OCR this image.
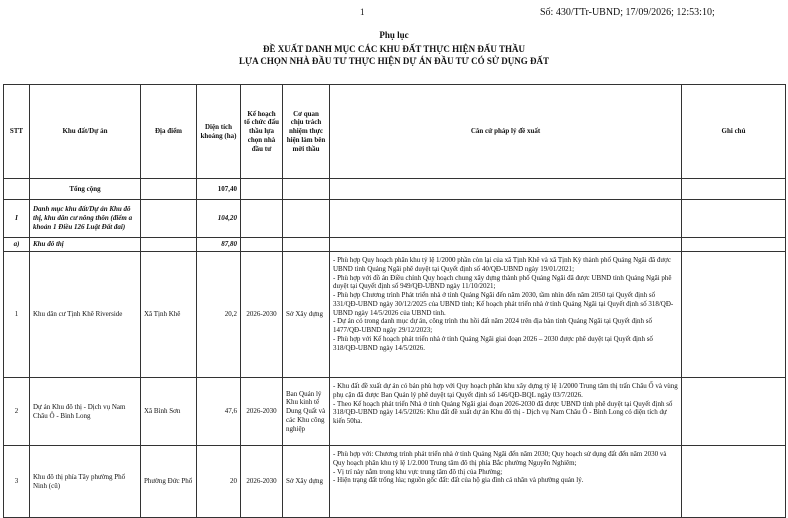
1	Số: 430/TTr-UBND; 17/09/2026; 12:53:10;
Phụ lục
ĐỀ XUẤT DANH MỤC CÁC KHU ĐẤT THỰC HIỆN ĐẤU THẦU
LỰA CHỌN NHÀ ĐẦU TƯ THỰC HIỆN DỰ ÁN ĐẦU TƯ CÓ SỬ DỤNG ĐẤT
STT	Khu đất/Dự án	Địa điểm	Diện tích khoảng (ha)	Kế hoạch tổ chức đấu thầu lựa chọn nhà đầu tư	Cơ quan chịu trách nhiệm thực hiện làm bên mời thầu	Căn cứ pháp lý đề xuất	Ghi chú
	Tổng cộng		107,40				
I	Danh mục khu đất/Dự án Khu đô thị, khu dân cư nông thôn (điểm a khoản 1 Điều 126 Luật Đất đai)		104,20				
a)	Khu đô thị		87,80				
1	Khu dân cư Tịnh Khê Riverside	Xã Tịnh Khê	20,2	2026-2030	Sở Xây dựng	- Phù hợp Quy hoạch phân khu tỷ lệ 1/2000 phần còn lại của xã Tịnh Khê và xã Tịnh Kỳ thành phố Quảng Ngãi đã được UBND tỉnh Quảng Ngãi phê duyệt tại Quyết định số 40/QĐ-UBND ngày 19/01/2021;
- Phù hợp với đồ án Điều chỉnh Quy hoạch chung xây dựng thành phố Quảng Ngãi đã được UBND tỉnh Quảng Ngãi phê duyệt tại Quyết định số 949/QĐ-UBND ngày 11/10/2021;
- Phù hợp Chương trình Phát triển nhà ở tỉnh Quảng Ngãi đến năm 2030, tầm nhìn đến năm 2050 tại Quyết định số 331/QĐ-UBND ngày 30/12/2025 của UBND tỉnh; Kế hoạch phát triển nhà ở tỉnh Quảng Ngãi tại Quyết định số 318/QĐ-UBND ngày 14/5/2026 của UBND tỉnh.
- Dự án có trong danh mục dự án, công trình thu hồi đất năm 2024 trên địa bàn tỉnh Quảng Ngãi tại Quyết định số 1477/QĐ-UBND ngày 29/12/2023;
- Phù hợp với Kế hoạch phát triển nhà ở tỉnh Quảng Ngãi giai đoạn 2026 – 2030 được phê duyệt tại Quyết định số 318/QĐ-UBND ngày 14/5/2026.	

2	Dự án Khu đô thị - Dịch vụ Nam Châu Ô - Bình Long	Xã Bình Sơn	47,6	2026-2030	Ban Quản lý Khu kinh tế Dung Quất và các Khu công nghiệp	- Khu đất đề xuất dự án có bản phù hợp với Quy hoạch phân khu xây dựng tỷ lệ 1/2000 Trung tâm thị trấn Châu Ổ và vùng phụ cận đã được Ban Quản lý phê duyệt tại Quyết định số 146/QĐ-BQL ngày 03/7/2026.
- Theo Kế hoạch phát triển Nhà ở tỉnh Quảng Ngãi giai đoạn 2026-2030 đã được UBND tỉnh phê duyệt tại Quyết định số 318/QĐ-UBND ngày 14/5/2026: Khu đất đề xuất dự án Khu đô thị - Dịch vụ Nam Châu Ô - Bình Long có diện tích dự kiến 50ha.	

3	Khu đô thị phía Tây phường Phổ Ninh (cũ)	Phường Đức Phổ	20	2026-2030	Sở Xây dựng	- Phù hợp với: Chương trình phát triển nhà ở tỉnh Quảng Ngãi đến năm 2030; Quy hoạch sử dụng đất đến năm 2030 và Quy hoạch phân khu tỷ lệ 1/2.000 Trung tâm đô thị phía Bắc phường Nguyễn Nghiêm;
- Vị trí này nằm trong khu vực trung tâm đô thị của Phường;
- Hiện trạng đất trống lúa; nguồn gốc đất: đất của hộ gia đình cá nhân và phường quản lý.	
